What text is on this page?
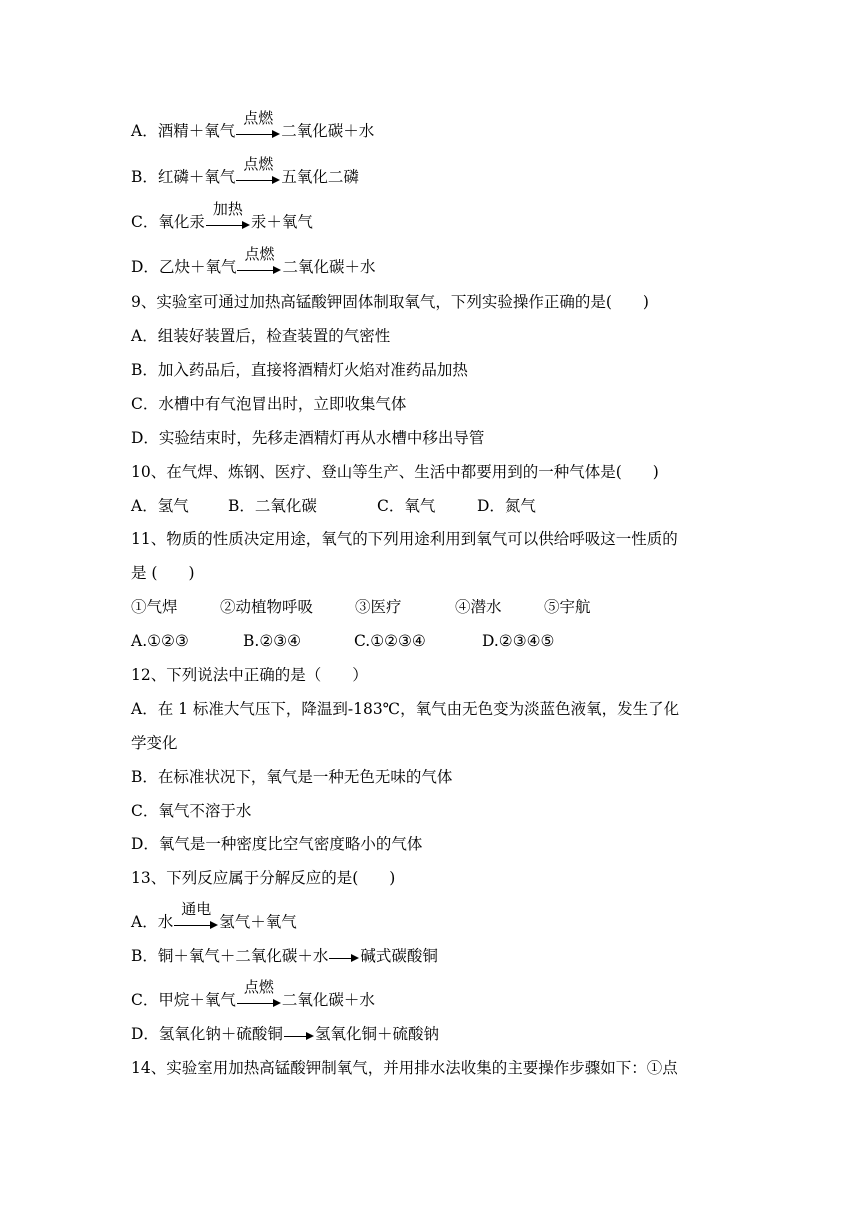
A．酒精＋氧气
点燃
二氧化碳＋水
B．红磷＋氧气
点燃
五氧化二磷
C．氧化汞
加热
汞＋氧气
D．乙炔＋氧气
点燃
二氧化碳＋水
9、实验室可通过加热高锰酸钾固体制取氧气，下列实验操作正确的是(　　)
A．组装好装置后，检查装置的气密性
B．加入药品后，直接将酒精灯火焰对准药品加热
C．水槽中有气泡冒出时，立即收集气体
D．实验结束时，先移走酒精灯再从水槽中移出导管
10、在气焊、炼钢、医疗、登山等生产、生活中都要用到的一种气体是(　　)
A．氢气	B．二氧化碳	C．氧气	D．氮气
11、物质的性质决定用途，氧气的下列用途利用到氧气可以供给呼吸这一性质的
是 (　　)
①气焊	②动植物呼吸	③医疗	④潜水	⑤宇航
A.①②③	B.②③④	C.①②③④	D.②③④⑤
12、下列说法中正确的是（　　）
A．在 1 标准大气压下，降温到-183℃，氧气由无色变为淡蓝色液氧，发生了化
学变化
B．在标准状况下，氧气是一种无色无味的气体
C．氧气不溶于水
D．氧气是一种密度比空气密度略小的气体
13、下列反应属于分解反应的是(　　)
A．水
通电
氢气＋氧气
B．铜＋氧气＋二氧化碳＋水 碱式碳酸铜
C．甲烷＋氧气
点燃
二氧化碳＋水
D．氢氧化钠＋硫酸铜 氢氧化铜＋硫酸钠
14、实验室用加热高锰酸钾制氧气，并用排水法收集的主要操作步骤如下：①点
